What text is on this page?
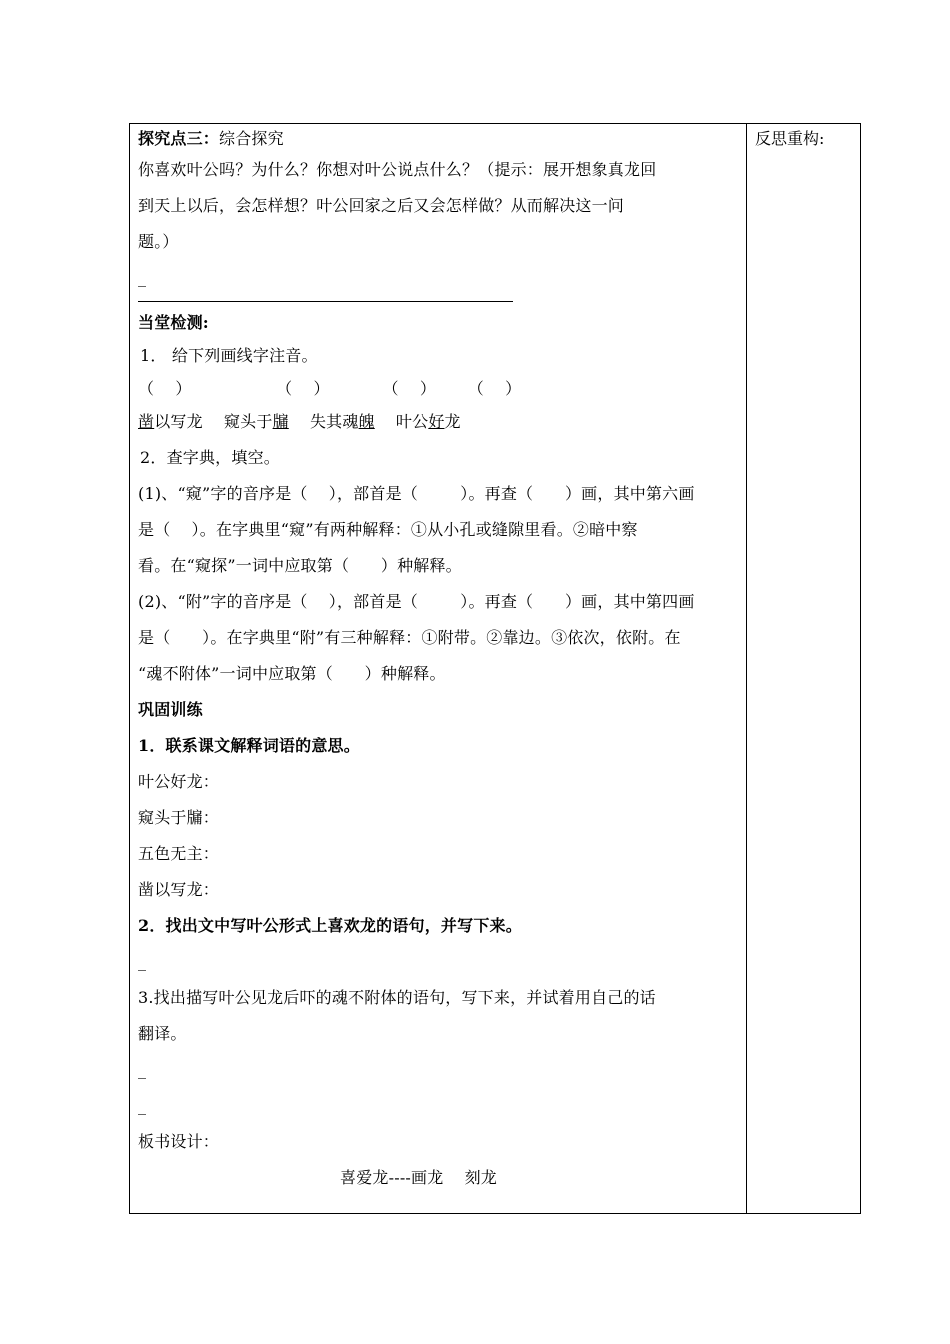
反思重构:
探究点三：综合探究
你喜欢叶公吗？为什么？你想对叶公说点什么？（提示：展开想象真龙回
到天上以后，会怎样想？叶公回家之后又会怎样做？从而解决这一问
题。）
_
当堂检测:
1． 给下列画线字注音。
（    ）                （    ）          （    ）      （    ）
凿以写龙 窥头于牖 失其魂魄 叶公好龙
2．查字典，填空。
(1)、“窥”字的音序是（    ），部首是（        ）。再查（      ）画，其中第六画
是（    ）。在字典里“窥”有两种解释：①从小孔或缝隙里看。②暗中察
看。在“窥探”一词中应取第（      ）种解释。
(2)、“附”字的音序是（    ），部首是（        ）。再查（      ）画，其中第四画
是（      ）。在字典里“附”有三种解释：①附带。②靠边。③依次，依附。在
“魂不附体”一词中应取第（      ）种解释。
巩固训练
1．联系课文解释词语的意思。
叶公好龙：
窥头于牖：
五色无主：
凿以写龙：
2．找出文中写叶公形式上喜欢龙的语句，并写下来。
_
3.找出描写叶公见龙后吓的魂不附体的语句，写下来，并试着用自己的话
翻译。
_
_
板书设计：
喜爱龙----画龙    刻龙
